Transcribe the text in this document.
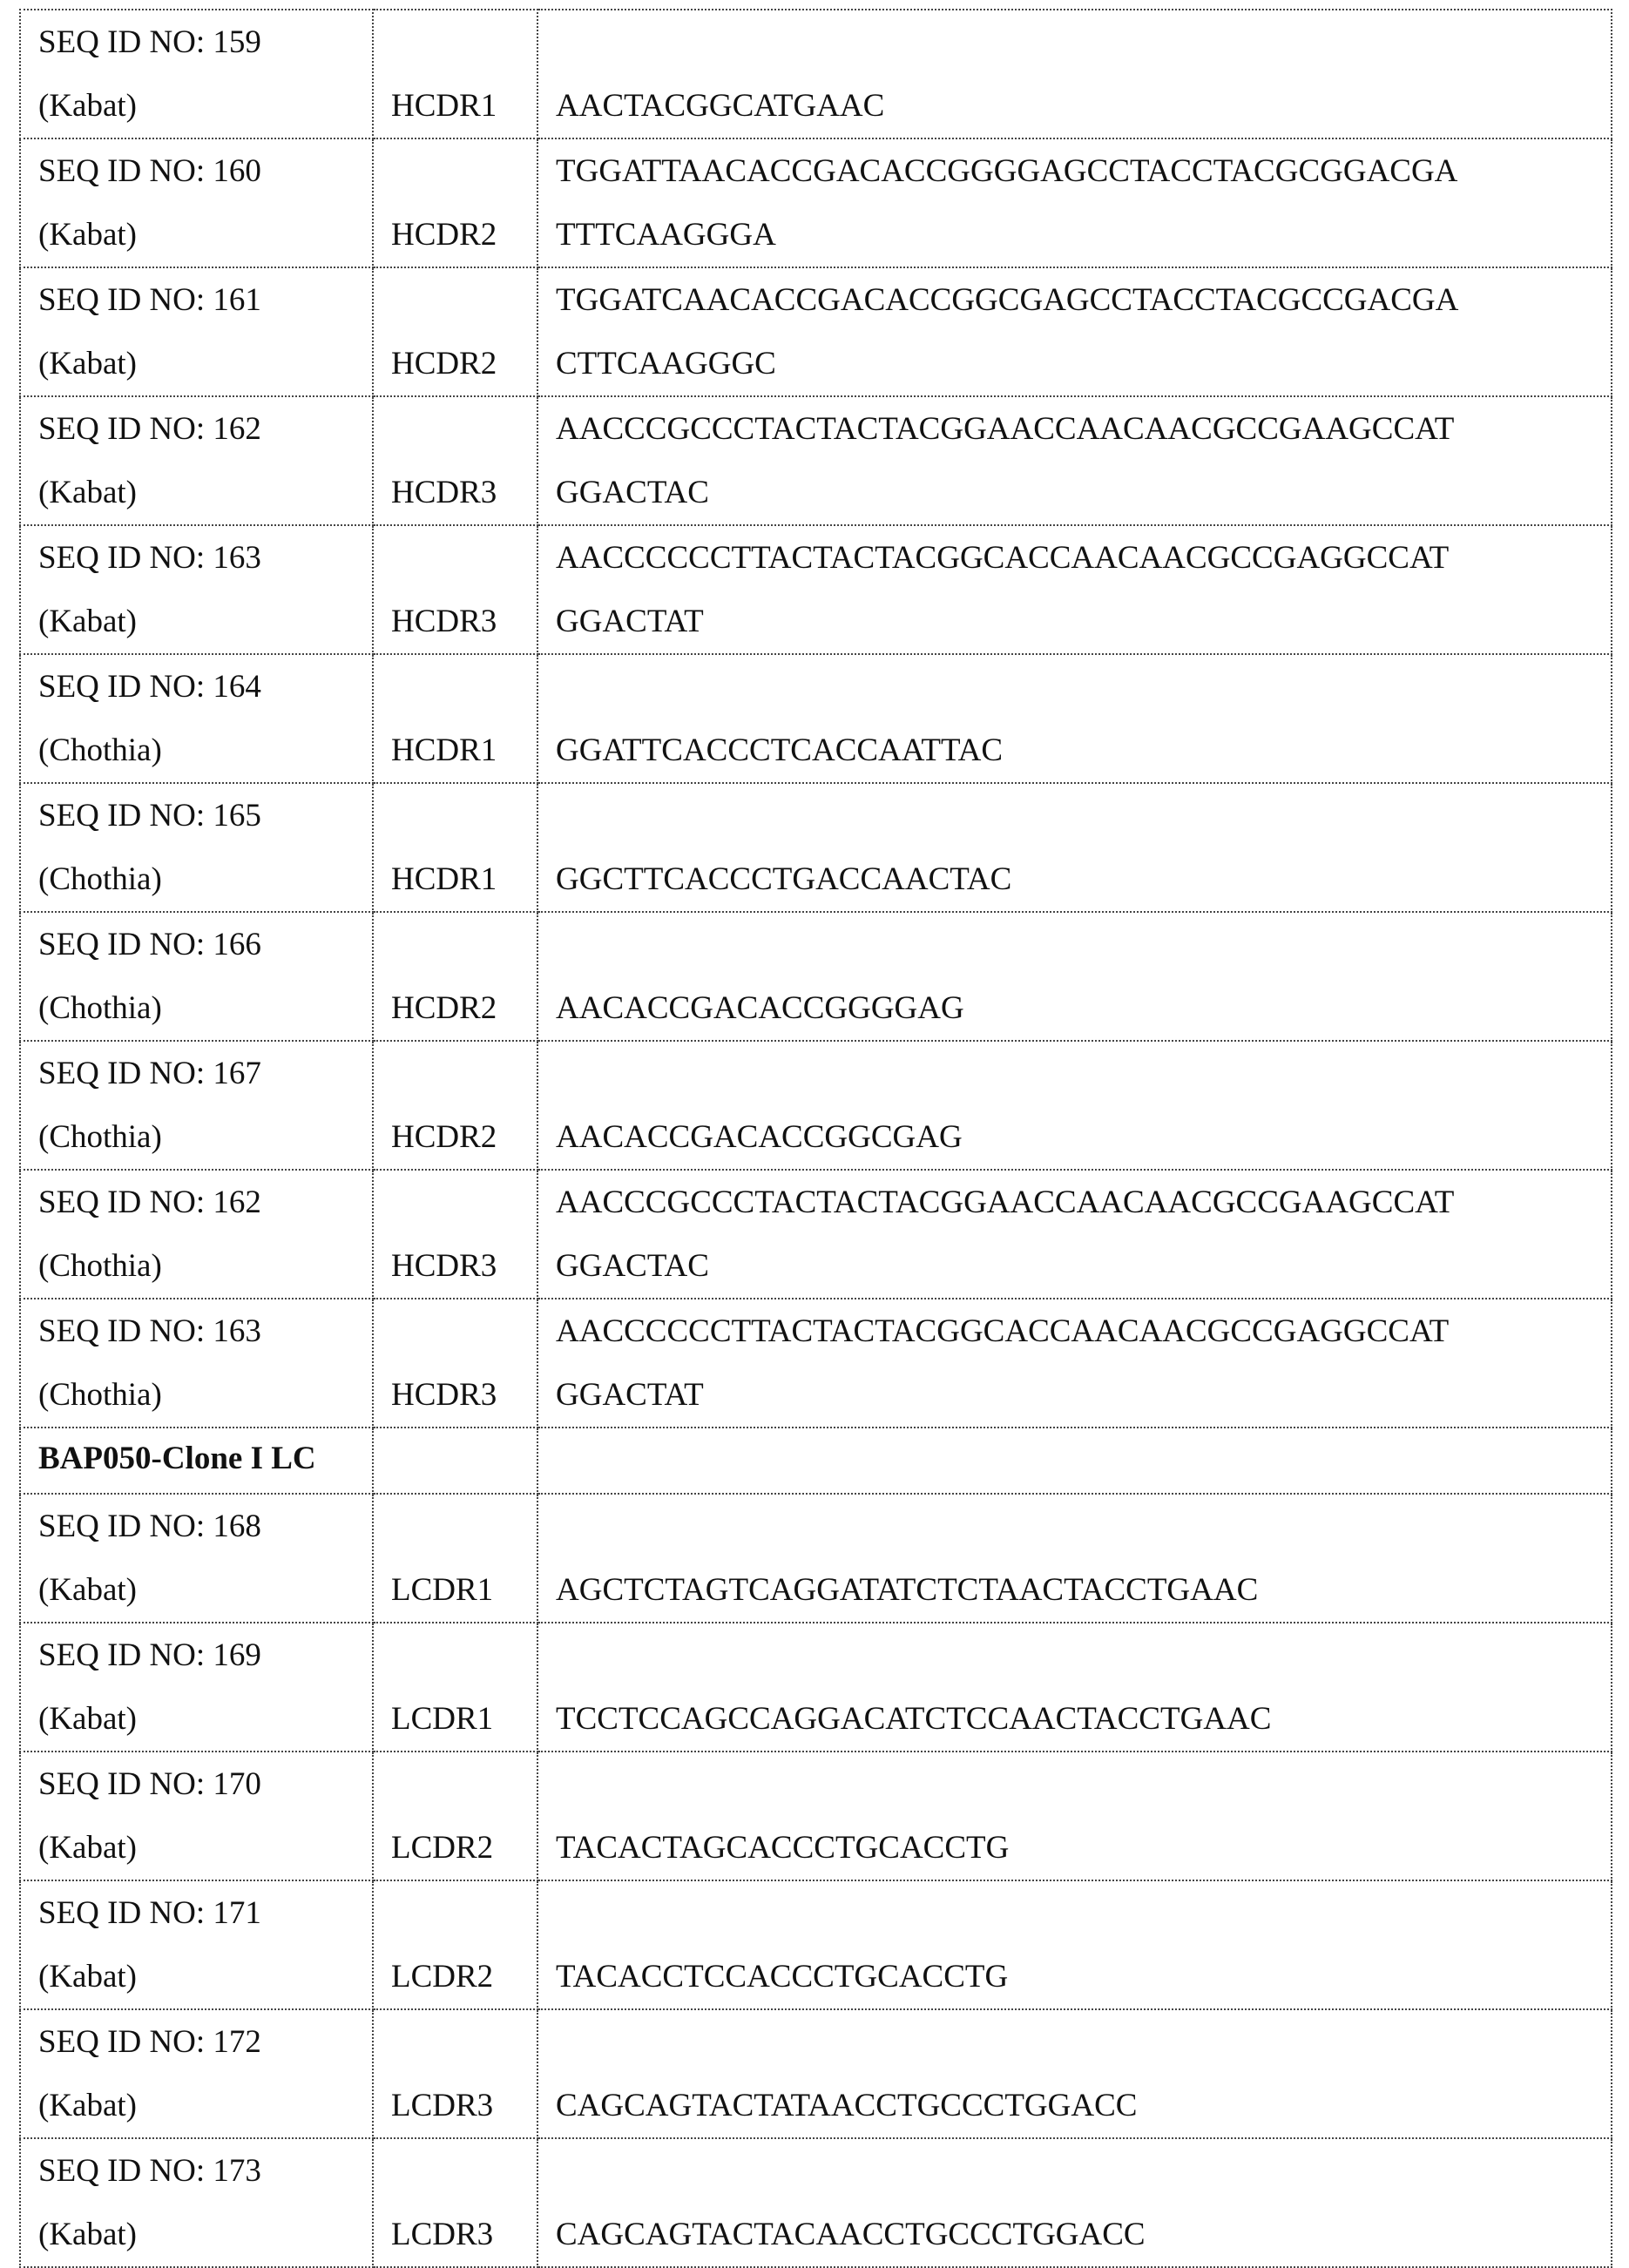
SEQ ID NO: 159
(Kabat)	HCDR1	AACTACGGCATGAAC

SEQ ID NO: 160
(Kabat)	HCDR2

TGGATTAACACCGACACCGGGGAGCCTACCTACGCGGACGA
TTTCAAGGGA

SEQ ID NO: 161
(Kabat)	HCDR2

TGGATCAACACCGACACCGGCGAGCCTACCTACGCCGACGA
CTTCAAGGGC

SEQ ID NO: 162
(Kabat)	HCDR3

AACCCGCCCTACTACTACGGAACCAACAACGCCGAAGCCAT
GGACTAC

SEQ ID NO: 163
(Kabat)	HCDR3

AACCCCCCTTACTACTACGGCACCAACAACGCCGAGGCCAT
GGACTAT

SEQ ID NO: 164
(Chothia)	HCDR1	GGATTCACCCTCACCAATTAC

SEQ ID NO: 165
(Chothia)	HCDR1	GGCTTCACCCTGACCAACTAC

SEQ ID NO: 166
(Chothia)	HCDR2	AACACCGACACCGGGGAG

SEQ ID NO: 167
(Chothia)	HCDR2	AACACCGACACCGGCGAG

SEQ ID NO: 162
(Chothia)	HCDR3

AACCCGCCCTACTACTACGGAACCAACAACGCCGAAGCCAT
GGACTAC

SEQ ID NO: 163
(Chothia)	HCDR3

AACCCCCCTTACTACTACGGCACCAACAACGCCGAGGCCAT
GGACTAT

BAP050-Clone I LC		

SEQ ID NO: 168
(Kabat)	LCDR1	AGCTCTAGTCAGGATATCTCTAACTACCTGAAC

SEQ ID NO: 169
(Kabat)	LCDR1	TCCTCCAGCCAGGACATCTCCAACTACCTGAAC

SEQ ID NO: 170
(Kabat)	LCDR2	TACACTAGCACCCTGCACCTG

SEQ ID NO: 171
(Kabat)	LCDR2	TACACCTCCACCCTGCACCTG

SEQ ID NO: 172
(Kabat)	LCDR3	CAGCAGTACTATAACCTGCCCTGGACC

SEQ ID NO: 173
(Kabat)	LCDR3	CAGCAGTACTACAACCTGCCCTGGACC
